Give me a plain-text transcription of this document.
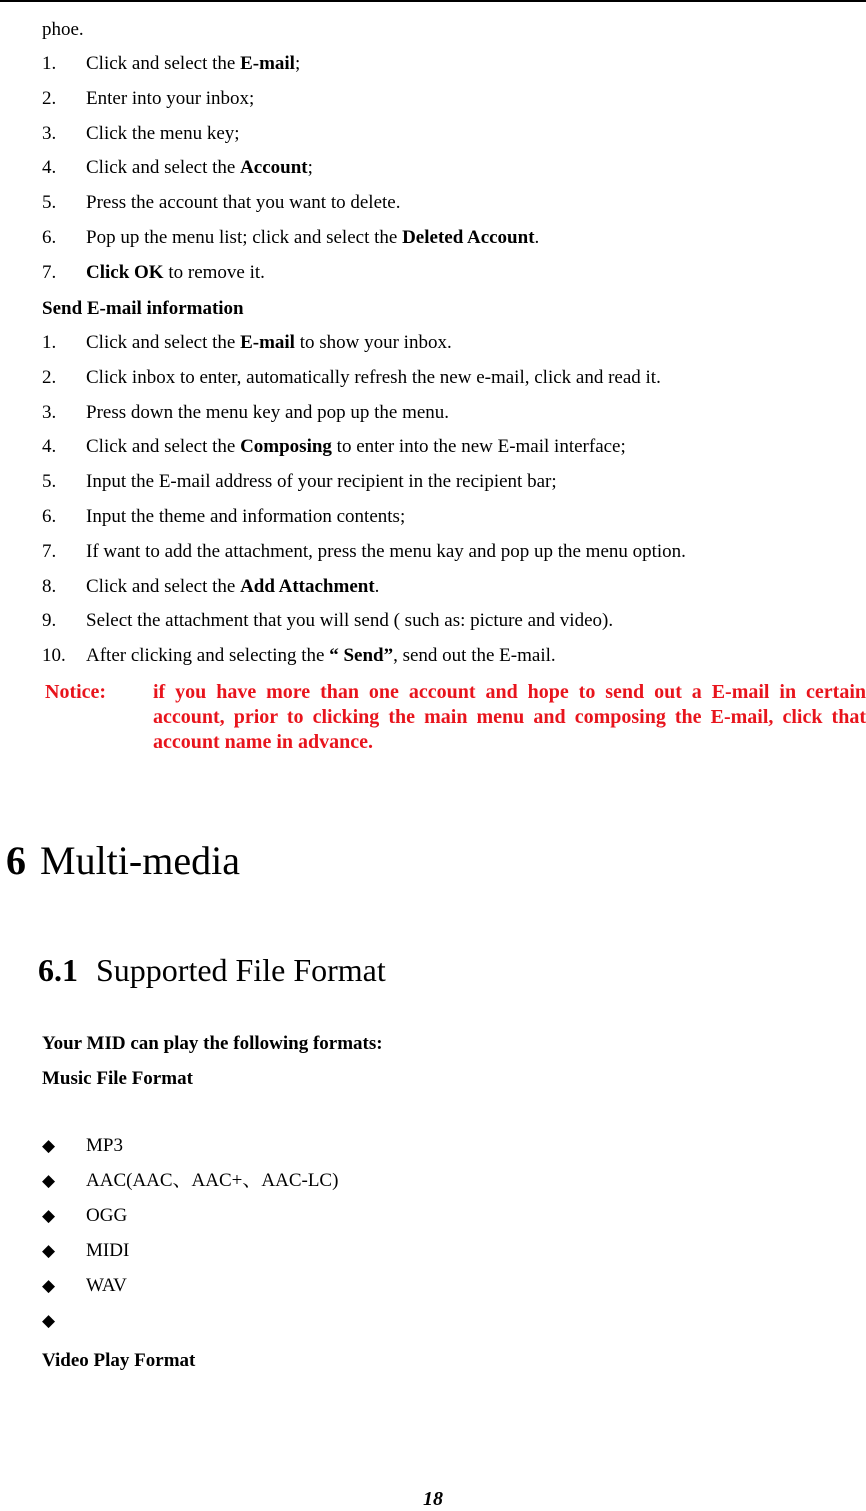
phoe.
1. Click and select the E-mail;
2. Enter into your inbox;
3. Click the menu key;
4. Click and select the Account;
5. Press the account that you want to delete.
6. Pop up the menu list; click and select the Deleted Account.
7. Click OK to remove it.
Send E-mail information
1. Click and select the E-mail to show your inbox.
2. Click inbox to enter, automatically refresh the new e-mail, click and read it.
3. Press down the menu key and pop up the menu.
4. Click and select the Composing to enter into the new E-mail interface;
5. Input the E-mail address of your recipient in the recipient bar;
6. Input the theme and information contents;
7. If want to add the attachment, press the menu kay and pop up the menu option.
8. Click and select the Add Attachment.
9. Select the attachment that you will send ( such as: picture and video).
10. After clicking and selecting the “ Send”, send out the E-mail.
Notice: if you have more than one account and hope to send out a E-mail in certain account, prior to clicking the main menu and composing the E-mail, click that account name in advance.
6 Multi-media
6.1 Supported File Format
Your MID can play the following formats:
Music File Format
◆ MP3
◆ AAC(AAC、AAC+、AAC-LC)
◆ OGG
◆ MIDI
◆ WAV
◆
Video Play Format
18
